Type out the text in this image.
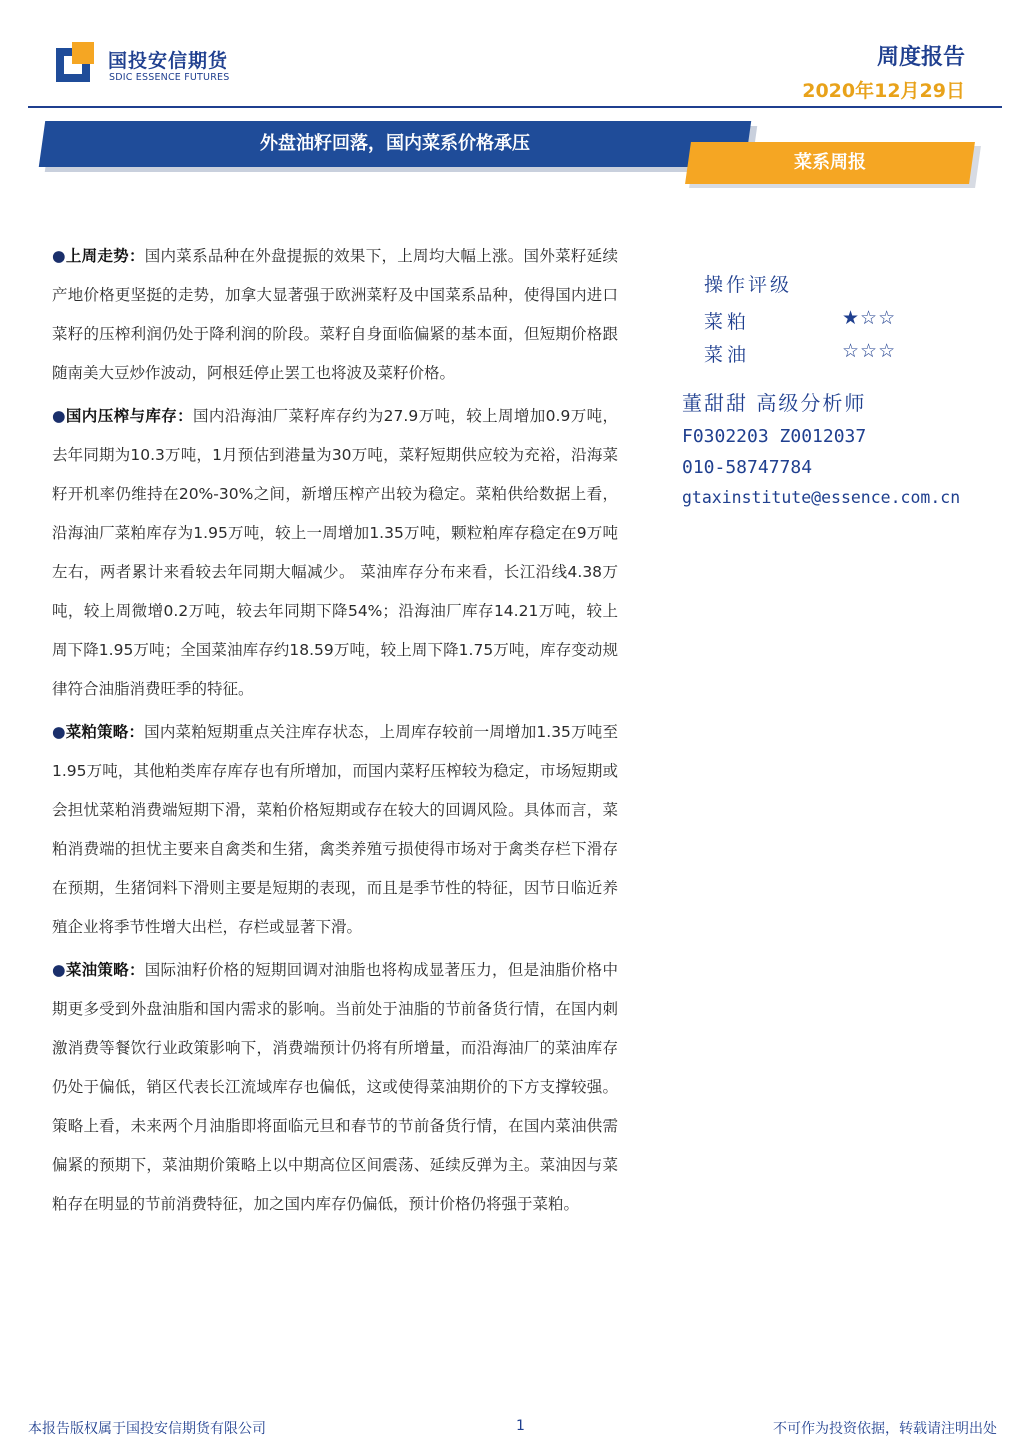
国投安信期货
SDIC ESSENCE FUTURES
周度报告
2020年12月29日
外盘油籽回落，国内菜系价格承压
菜系周报

●上周走势：国内菜系品种在外盘提振的效果下，上周均大幅上涨。国外菜籽延续产地价格更坚挺的走势，加拿大显著强于欧洲菜籽及中国菜系品种，使得国内进口菜籽的压榨利润仍处于降利润的阶段。菜籽自身面临偏紧的基本面，但短期价格跟随南美大豆炒作波动，阿根廷停止罢工也将波及菜籽价格。

●国内压榨与库存：国内沿海油厂菜籽库存约为27.9万吨，较上周增加0.9万吨，去年同期为10.3万吨，1月预估到港量为30万吨，菜籽短期供应较为充裕，沿海菜籽开机率仍维持在20%-30%之间，新增压榨产出较为稳定。菜粕供给数据上看，沿海油厂菜粕库存为1.95万吨，较上一周增加1.35万吨，颗粒粕库存稳定在9万吨左右，两者累计来看较去年同期大幅减少。 菜油库存分布来看，长江沿线4.38万吨，较上周微增0.2万吨，较去年同期下降54%；沿海油厂库存14.21万吨，较上周下降1.95万吨；全国菜油库存约18.59万吨，较上周下降1.75万吨，库存变动规律符合油脂消费旺季的特征。

●菜粕策略：国内菜粕短期重点关注库存状态，上周库存较前一周增加1.35万吨至1.95万吨，其他粕类库存库存也有所增加，而国内菜籽压榨较为稳定，市场短期或会担忧菜粕消费端短期下滑，菜粕价格短期或存在较大的回调风险。具体而言，菜粕消费端的担忧主要来自禽类和生猪，禽类养殖亏损使得市场对于禽类存栏下滑存在预期，生猪饲料下滑则主要是短期的表现，而且是季节性的特征，因节日临近养殖企业将季节性增大出栏，存栏或显著下滑。

●菜油策略：国际油籽价格的短期回调对油脂也将构成显著压力，但是油脂价格中期更多受到外盘油脂和国内需求的影响。当前处于油脂的节前备货行情，在国内刺激消费等餐饮行业政策影响下，消费端预计仍将有所增量，而沿海油厂的菜油库存仍处于偏低，销区代表长江流域库存也偏低，这或使得菜油期价的下方支撑较强。策略上看，未来两个月油脂即将面临元旦和春节的节前备货行情，在国内菜油供需偏紧的预期下，菜油期价策略上以中期高位区间震荡、延续反弹为主。菜油因与菜粕存在明显的节前消费特征，加之国内库存仍偏低，预计价格仍将强于菜粕。

操作评级
菜粕	★☆☆
菜油	☆☆☆
董甜甜 高级分析师
F0302203 Z0012037
010-58747784
gtaxinstitute@essence.com.cn
本报告版权属于国投安信期货有限公司	1	不可作为投资依据，转载请注明出处
